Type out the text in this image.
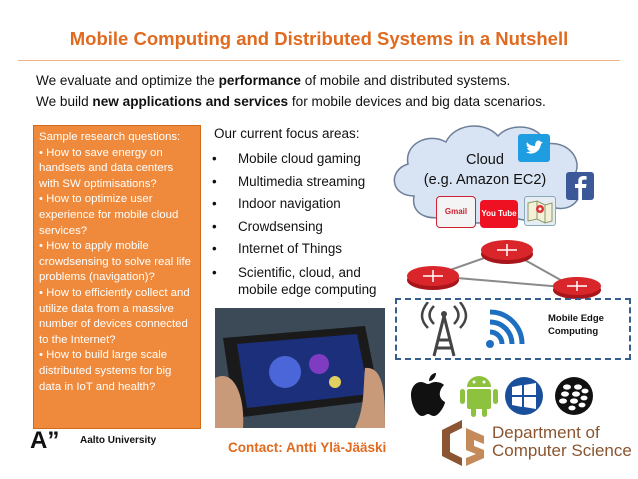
Mobile Computing and Distributed Systems in a Nutshell
We evaluate and optimize the performance of mobile and distributed systems.
We build new applications and services for mobile devices and big data scenarios.
Sample research questions:
• How to save energy on handsets and data centers with SW optimisations?
• How to optimize user experience for mobile cloud services?
• How to apply mobile crowdsensing to solve real life problems (navigation)?
• How to efficiently collect and utilize data from a massive number of devices connected to the Internet?
• How to build large scale distributed systems for big data in IoT and health?
Our current focus areas:
• Mobile cloud gaming
• Multimedia streaming
• Indoor navigation
• Crowdsensing
• Internet of Things
• Scientific, cloud, and mobile edge computing
Cloud
(e.g. Amazon EC2)
Gmail	You Tube
Mobile Edge
Computing
A” Aalto University	Contact: Antti Ylä-Jääski
Department of
Computer Science
